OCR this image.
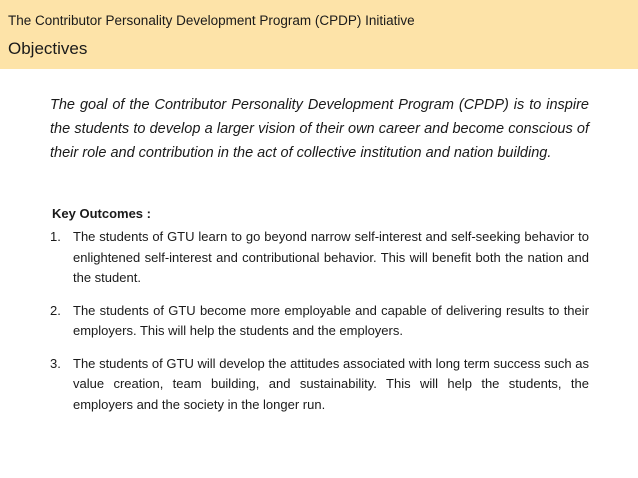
The Contributor Personality Development Program (CPDP) Initiative
Objectives

The goal of the Contributor Personality Development Program (CPDP) is to inspire the students to develop a larger vision of their own career and become conscious of their role and contribution in the act of collective institution and nation building.

Key Outcomes :
1. The students of GTU learn to go beyond narrow self-interest and self-seeking behavior to enlightened self-interest and contributional behavior. This will benefit both the nation and the student.
2. The students of GTU become more employable and capable of delivering results to their employers. This will help the students and the employers.
3. The students of GTU will develop the attitudes associated with long term success such as value creation, team building, and sustainability. This will help the students, the employers and the society in the longer run.
